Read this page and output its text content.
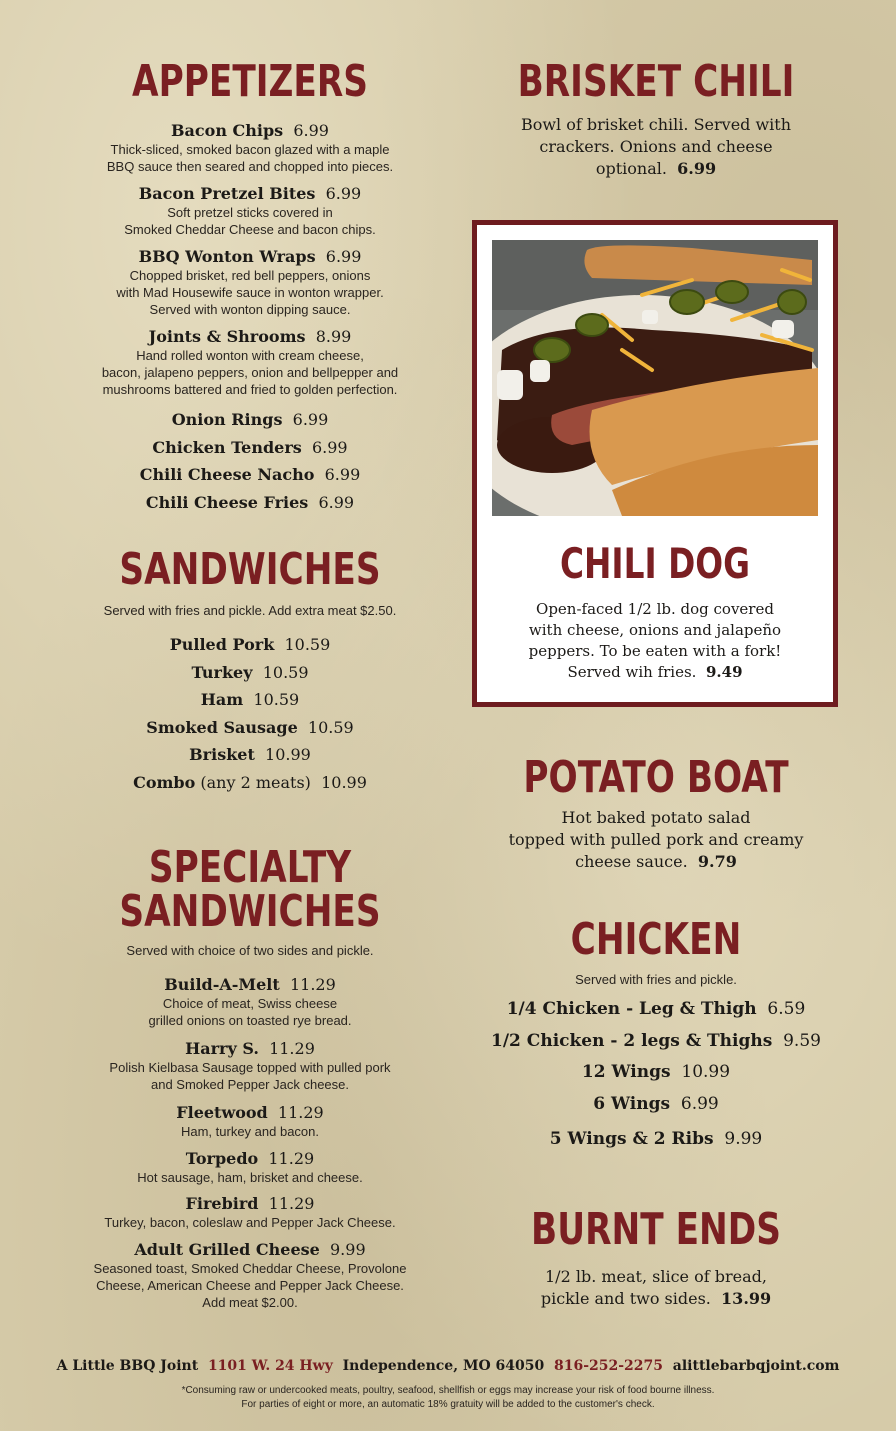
APPETIZERS
Bacon Chips 6.99
Thick-sliced, smoked bacon glazed with a maple
BBQ sauce then seared and chopped into pieces.
Bacon Pretzel Bites 6.99
Soft pretzel sticks covered in
Smoked Cheddar Cheese and bacon chips.
BBQ Wonton Wraps 6.99
Chopped brisket, red bell peppers, onions
with Mad Housewife sauce in wonton wrapper.
Served with wonton dipping sauce.
Joints & Shrooms 8.99
Hand rolled wonton with cream cheese,
bacon, jalapeno peppers, onion and bellpepper and
mushrooms battered and fried to golden perfection.
Onion Rings 6.99
Chicken Tenders 6.99
Chili Cheese Nacho 6.99
Chili Cheese Fries 6.99
SANDWICHES
Served with fries and pickle. Add extra meat $2.50.
Pulled Pork 10.59
Turkey 10.59
Ham 10.59
Smoked Sausage 10.59
Brisket 10.99
Combo (any 2 meats) 10.99
SPECIALTY
SANDWICHES
Served with choice of two sides and pickle.
Build-A-Melt 11.29
Choice of meat, Swiss cheese
grilled onions on toasted rye bread.
Harry S. 11.29
Polish Kielbasa Sausage topped with pulled pork
and Smoked Pepper Jack cheese.
Fleetwood 11.29
Ham, turkey and bacon.
Torpedo 11.29
Hot sausage, ham, brisket and cheese.
Firebird 11.29
Turkey, bacon, coleslaw and Pepper Jack Cheese.
Adult Grilled Cheese 9.99
Seasoned toast, Smoked Cheddar Cheese, Provolone
Cheese, American Cheese and Pepper Jack Cheese.
Add meat $2.00.
BRISKET CHILI
Bowl of brisket chili. Served with
crackers. Onions and cheese
optional. 6.99
POTATO BOAT
Hot baked potato salad
topped with pulled pork and creamy
cheese sauce. 9.79
CHICKEN
Served with fries and pickle.
1/4 Chicken - Leg & Thigh 6.59
1/2 Chicken - 2 legs & Thighs 9.59
12 Wings 10.99
6 Wings 6.99
5 Wings & 2 Ribs 9.99
BURNT ENDS
1/2 lb. meat, slice of bread,
pickle and two sides. 13.99
CHILI DOG
Open-faced 1/2 lb. dog covered
with cheese, onions and jalapeño
peppers. To be eaten with a fork!
Served wih fries. 9.49
A Little BBQ Joint 1101 W. 24 Hwy Independence, MO 64050 816-252-2275 alittlebarbqjoint.com
*Consuming raw or undercooked meats, poultry, seafood, shellfish or eggs may increase your risk of food bourne illness.
For parties of eight or more, an automatic 18% gratuity will be added to the customer's check.
